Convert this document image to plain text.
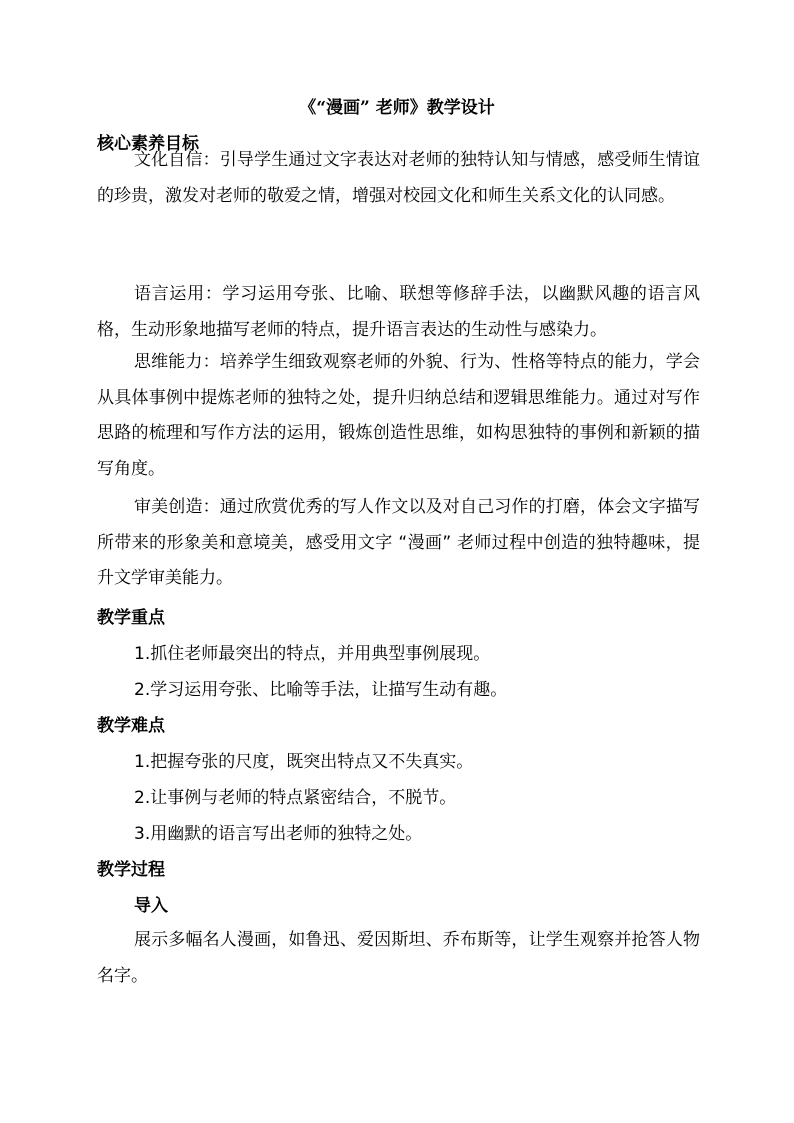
《“漫画” 老师》教学设计
核心素养目标
文化自信：引导学生通过文字表达对老师的独特认知与情感，感受师生情谊的珍贵，激发对老师的敬爱之情，增强对校园文化和师生关系文化的认同感。
语言运用：学习运用夸张、比喻、联想等修辞手法，以幽默风趣的语言风格，生动形象地描写老师的特点，提升语言表达的生动性与感染力。
思维能力：培养学生细致观察老师的外貌、行为、性格等特点的能力，学会从具体事例中提炼老师的独特之处，提升归纳总结和逻辑思维能力。通过对写作思路的梳理和写作方法的运用，锻炼创造性思维，如构思独特的事例和新颖的描写角度。
审美创造：通过欣赏优秀的写人作文以及对自己习作的打磨，体会文字描写所带来的形象美和意境美，感受用文字 “漫画” 老师过程中创造的独特趣味，提升文学审美能力。
教学重点
1.抓住老师最突出的特点，并用典型事例展现。
2.学习运用夸张、比喻等手法，让描写生动有趣。
教学难点
1.把握夸张的尺度，既突出特点又不失真实。
2.让事例与老师的特点紧密结合，不脱节。
3.用幽默的语言写出老师的独特之处。
教学过程
导入
展示多幅名人漫画，如鲁迅、爱因斯坦、乔布斯等，让学生观察并抢答人物名字。
